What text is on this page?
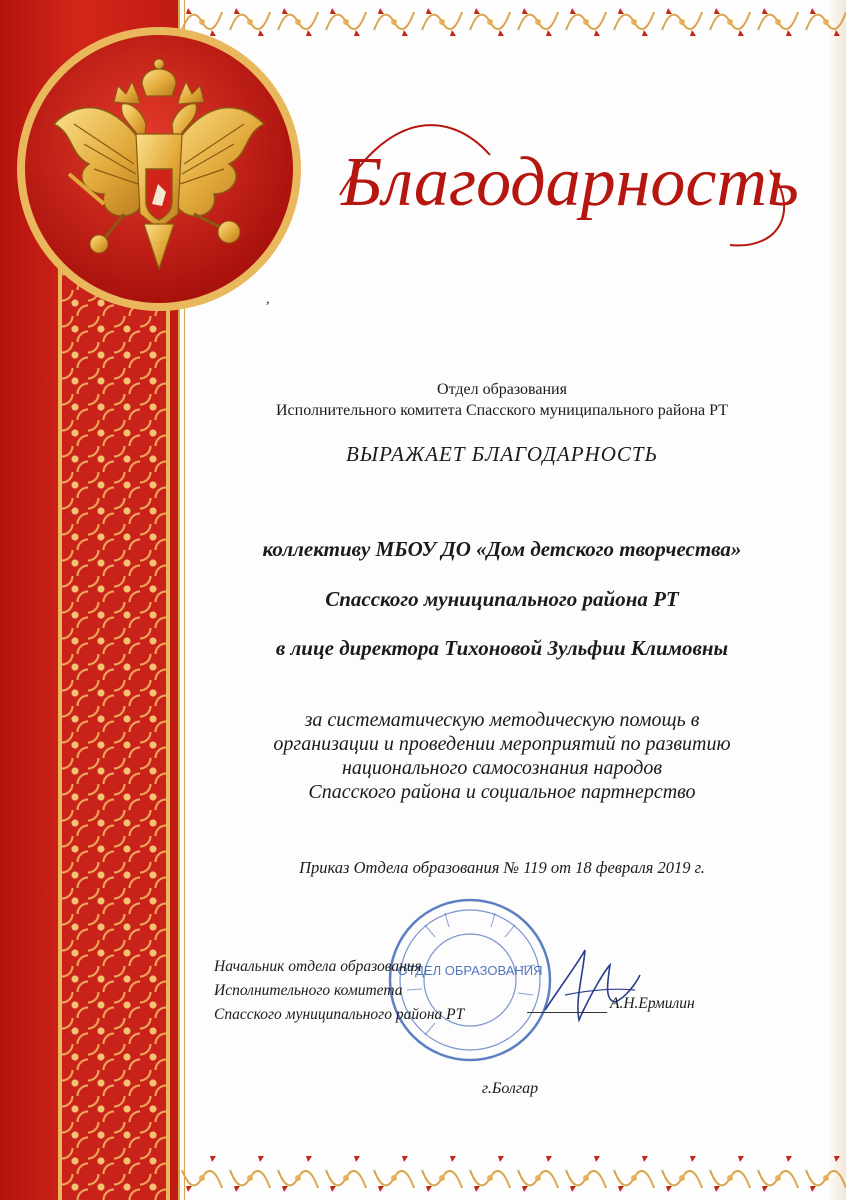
Благодарность
,
Отдел образования
Исполнительного комитета Спасского муниципального района РТ
ВЫРАЖАЕТ БЛАГОДАРНОСТЬ
коллективу МБОУ ДО «Дом детского творчества»
Спасского муниципального района РТ
в лице директора Тихоновой Зульфии Климовны
за систематическую методическую помощь в
организации и проведении мероприятий по развитию
национального самосознания народов
Спасского района и социальное партнерство
Приказ Отдела образования № 119 от 18 февраля 2019 г.
ОТДЕЛ ОБРАЗОВАНИЯ
Начальник отдела образования
Исполнительного комитета
Спасского муниципального района РТ
А.Н.Ермилин
г.Болгар
